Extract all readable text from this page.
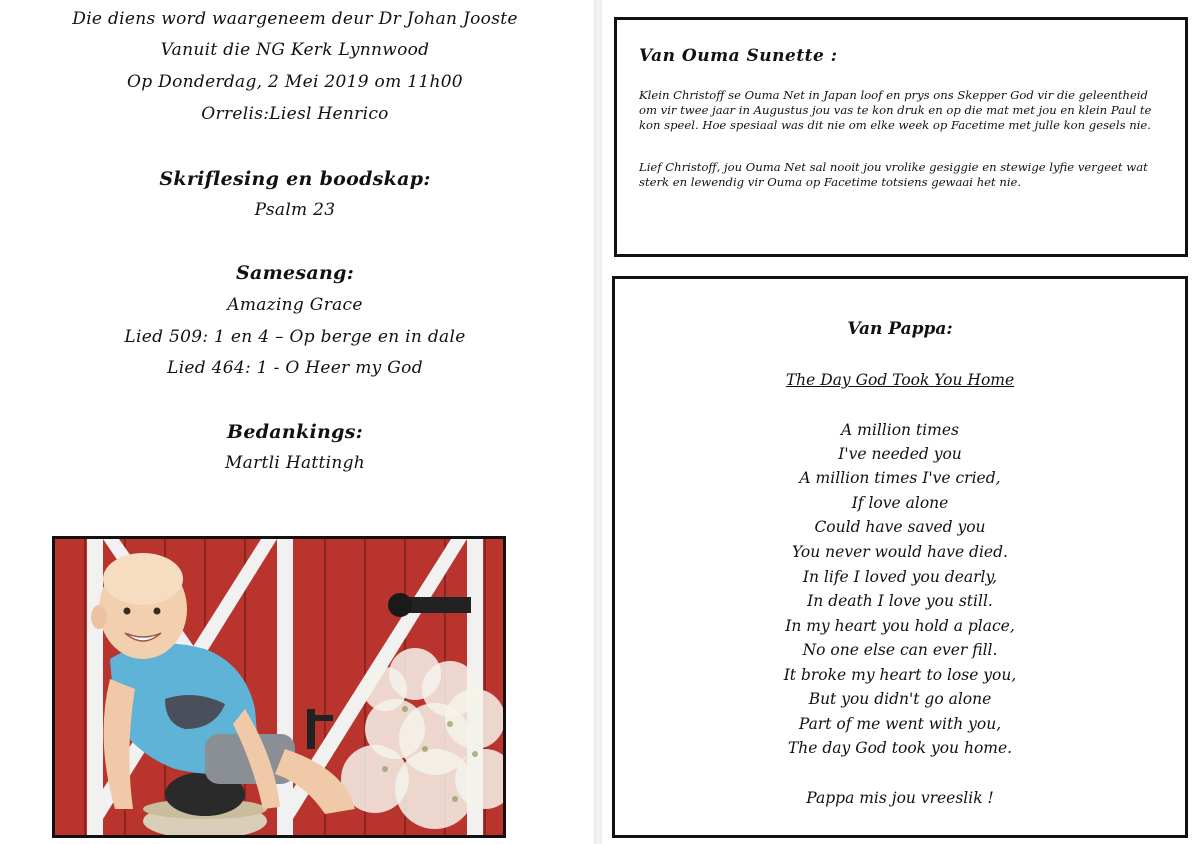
Die diens word waargeneem deur Dr Johan Jooste
Vanuit die NG Kerk Lynnwood
Op Donderdag, 2 Mei 2019 om 11h00
Orrelis:Liesl Henrico
Skriflesing en boodskap:
Psalm 23
Samesang:
Amazing Grace
Lied 509: 1 en 4 – Op berge en in dale
Lied 464: 1 - O Heer my God
Bedankings:
Martli Hattingh
Van Ouma Sunette :
Klein Christoff se Ouma Net in Japan loof en prys ons Skepper God vir die geleentheid om vir twee jaar in Augustus jou vas te kon druk en op die mat met jou en klein Paul te kon speel. Hoe spesiaal was dit nie om elke week op Facetime met julle kon gesels nie.
Lief Christoff, jou Ouma Net sal nooit jou vrolike gesiggie en stewige lyfie vergeet wat sterk en lewendig vir Ouma op Facetime totsiens gewaai het nie.
Van Pappa:
The Day God Took You Home
A million times
I've needed you
A million times I've cried,
If love alone
Could have saved you
You never would have died.
In life I loved you dearly,
In death I love you still.
In my heart you hold a place,
No one else can ever fill.
It broke my heart to lose you,
But you didn't go alone
Part of me went with you,
The day God took you home.
Pappa mis jou vreeslik !
